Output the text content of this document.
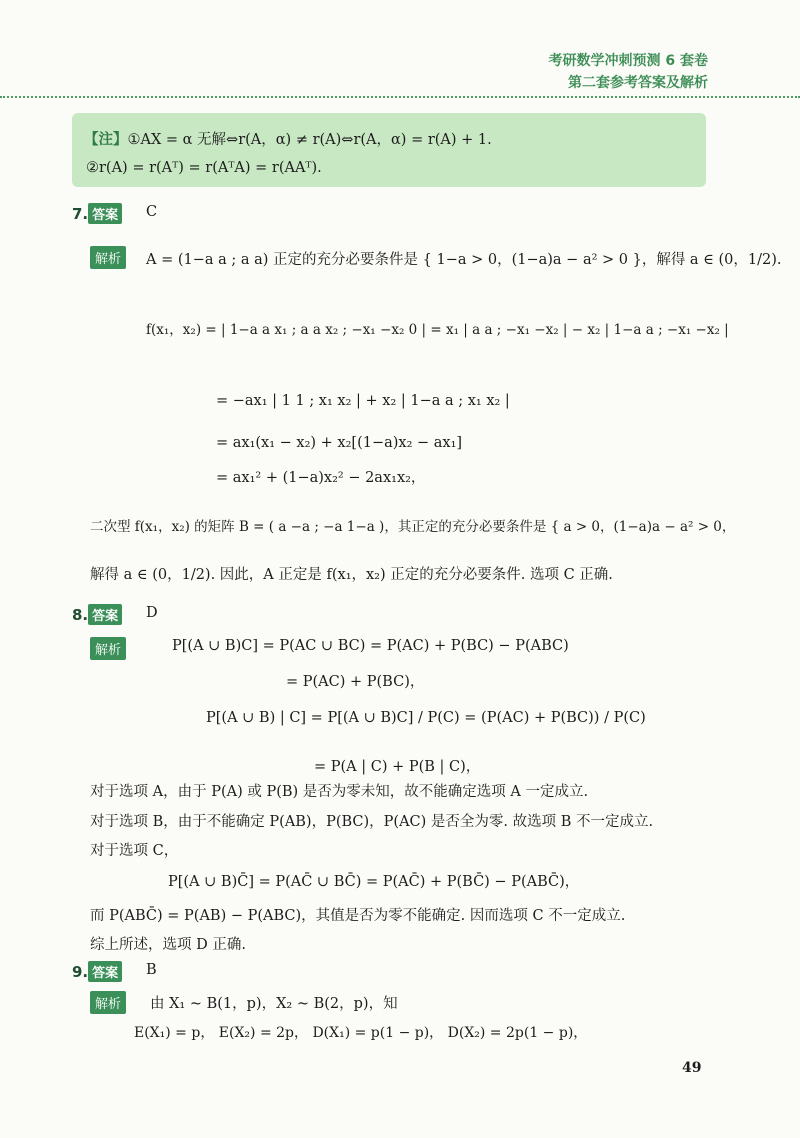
考研数学冲刺预测 6 套卷
第二套参考答案及解析
【注】①AX = α 无解⇔r(A，α) ≠ r(A)⇔r(A，α) = r(A) + 1.
②r(A) = r(Aᵀ) = r(AᵀA) = r(AAᵀ).
7. 答案 C
解析	A = (1−a a ; a a) 正定的充分必要条件是 { 1−a > 0，(1−a)a − a² > 0 }，解得 a ∈ (0，1/2).
f(x₁，x₂) = | 1−a a x₁ ; a a x₂ ; −x₁ −x₂ 0 | = x₁ | a a ; −x₁ −x₂ | − x₂ | 1−a a ; −x₁ −x₂ |
= −ax₁ | 1 1 ; x₁ x₂ | + x₂ | 1−a a ; x₁ x₂ |
= ax₁(x₁ − x₂) + x₂[(1−a)x₂ − ax₁]
= ax₁² + (1−a)x₂² − 2ax₁x₂，
二次型 f(x₁，x₂) 的矩阵 B = ( a −a ; −a 1−a )，其正定的充分必要条件是 { a > 0，(1−a)a − a² > 0，
解得 a ∈ (0，1/2). 因此，A 正定是 f(x₁，x₂) 正定的充分必要条件. 选项 C 正确.
8. 答案 D
解析	P[(A ∪ B)C] = P(AC ∪ BC) = P(AC) + P(BC) − P(ABC)
= P(AC) + P(BC)，
P[(A ∪ B) | C] = P[(A ∪ B)C] / P(C) = (P(AC) + P(BC)) / P(C)
= P(A | C) + P(B | C)，
对于选项 A，由于 P(A) 或 P(B) 是否为零未知，故不能确定选项 A 一定成立.
对于选项 B，由于不能确定 P(AB)，P(BC)，P(AC) 是否全为零. 故选项 B 不一定成立.
对于选项 C，
P[(A ∪ B)C̄] = P(AC̄ ∪ BC̄) = P(AC̄) + P(BC̄) − P(ABC̄)，
而 P(ABC̄) = P(AB) − P(ABC)，其值是否为零不能确定. 因而选项 C 不一定成立.
综上所述，选项 D 正确.
9. 答案 B
解析	由 X₁ ~ B(1，p)，X₂ ~ B(2，p)，知
E(X₁) = p， E(X₂) = 2p， D(X₁) = p(1 − p)， D(X₂) = 2p(1 − p)，
49
